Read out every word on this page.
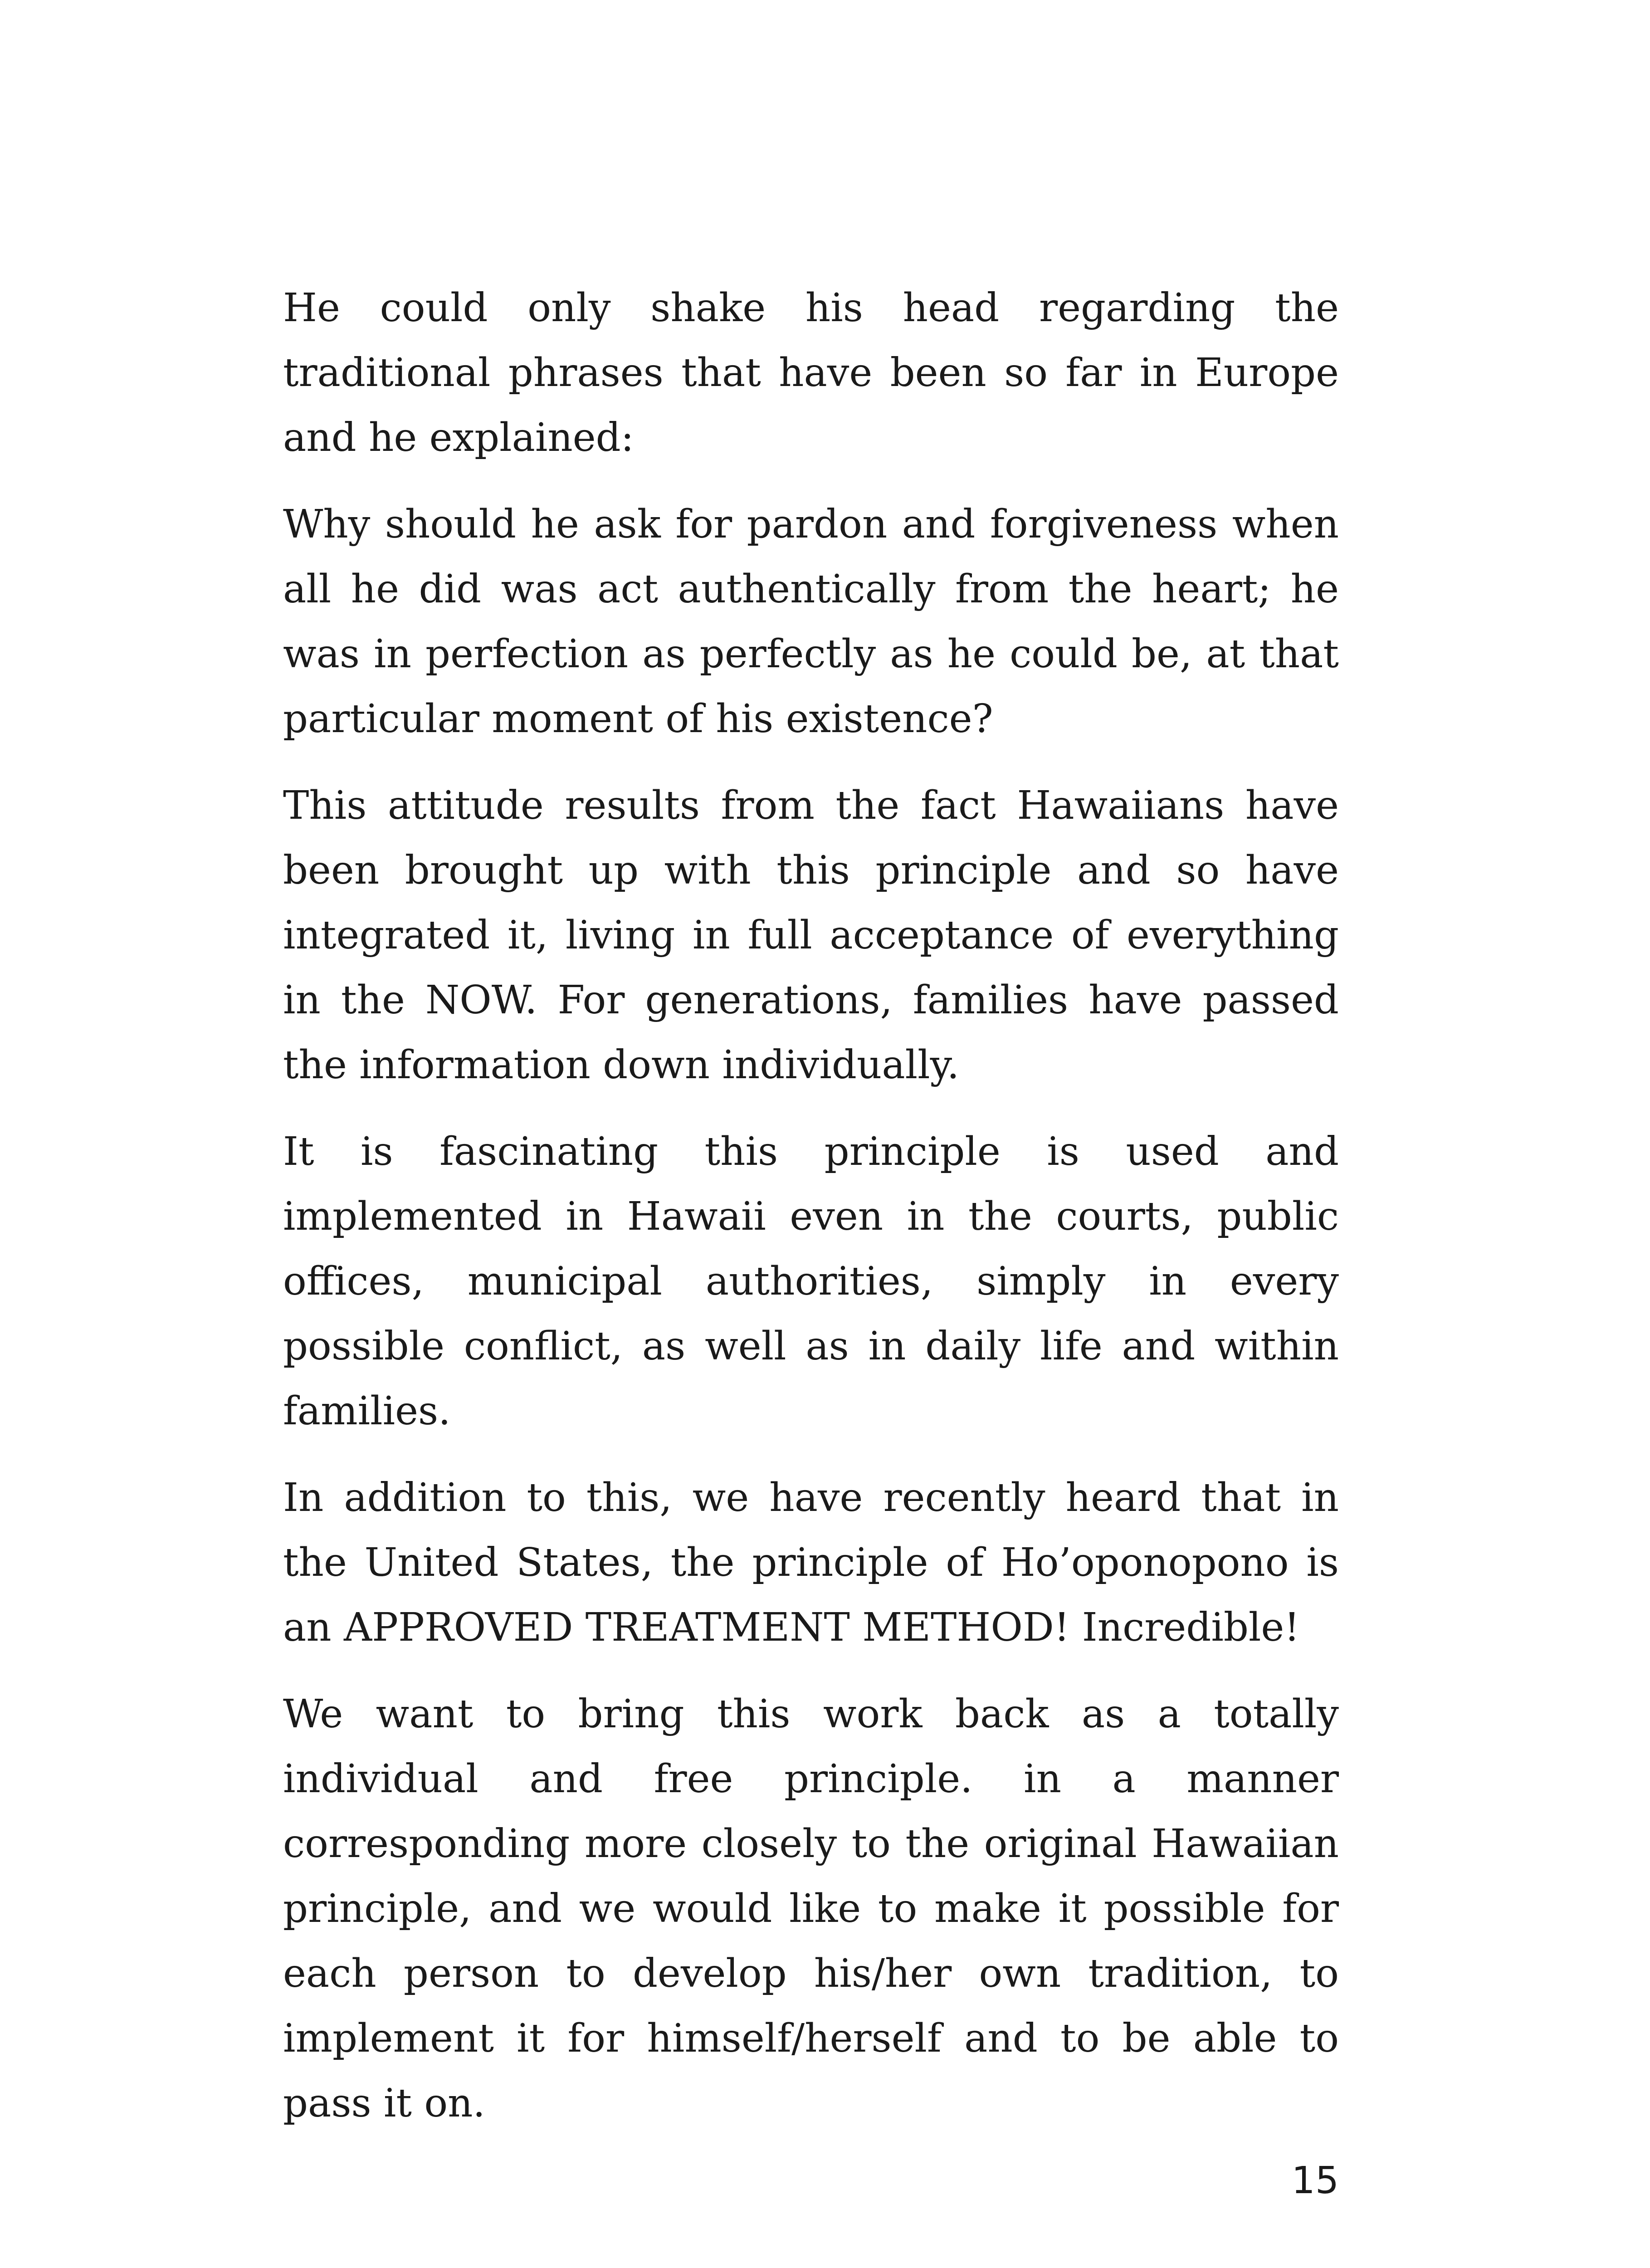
He could only shake his head regarding the traditional phrases that have been so far in Europe and he explained:

Why should he ask for pardon and forgiveness when all he did was act authentically from the heart; he was in perfection as perfectly as he could be, at that particular moment of his existence?

This attitude results from the fact Hawaiians have been brought up with this principle and so have integrated it, living in full acceptance of everything in the NOW. For generations, families have passed the information down individually.

It is fascinating this principle is used and implemented in Hawaii even in the courts, public offices, municipal authorities, simply in every possible conflict, as well as in daily life and within families.

In addition to this, we have recently heard that in the United States, the principle of Ho’oponopono is an APPROVED TREATMENT METHOD! Incredible!

We want to bring this work back as a totally individual and free principle. in a manner corresponding more closely to the original Hawaiian principle, and we would like to make it possible for each person to develop his/her own tradition, to implement it for himself/herself and to be able to pass it on.

15
